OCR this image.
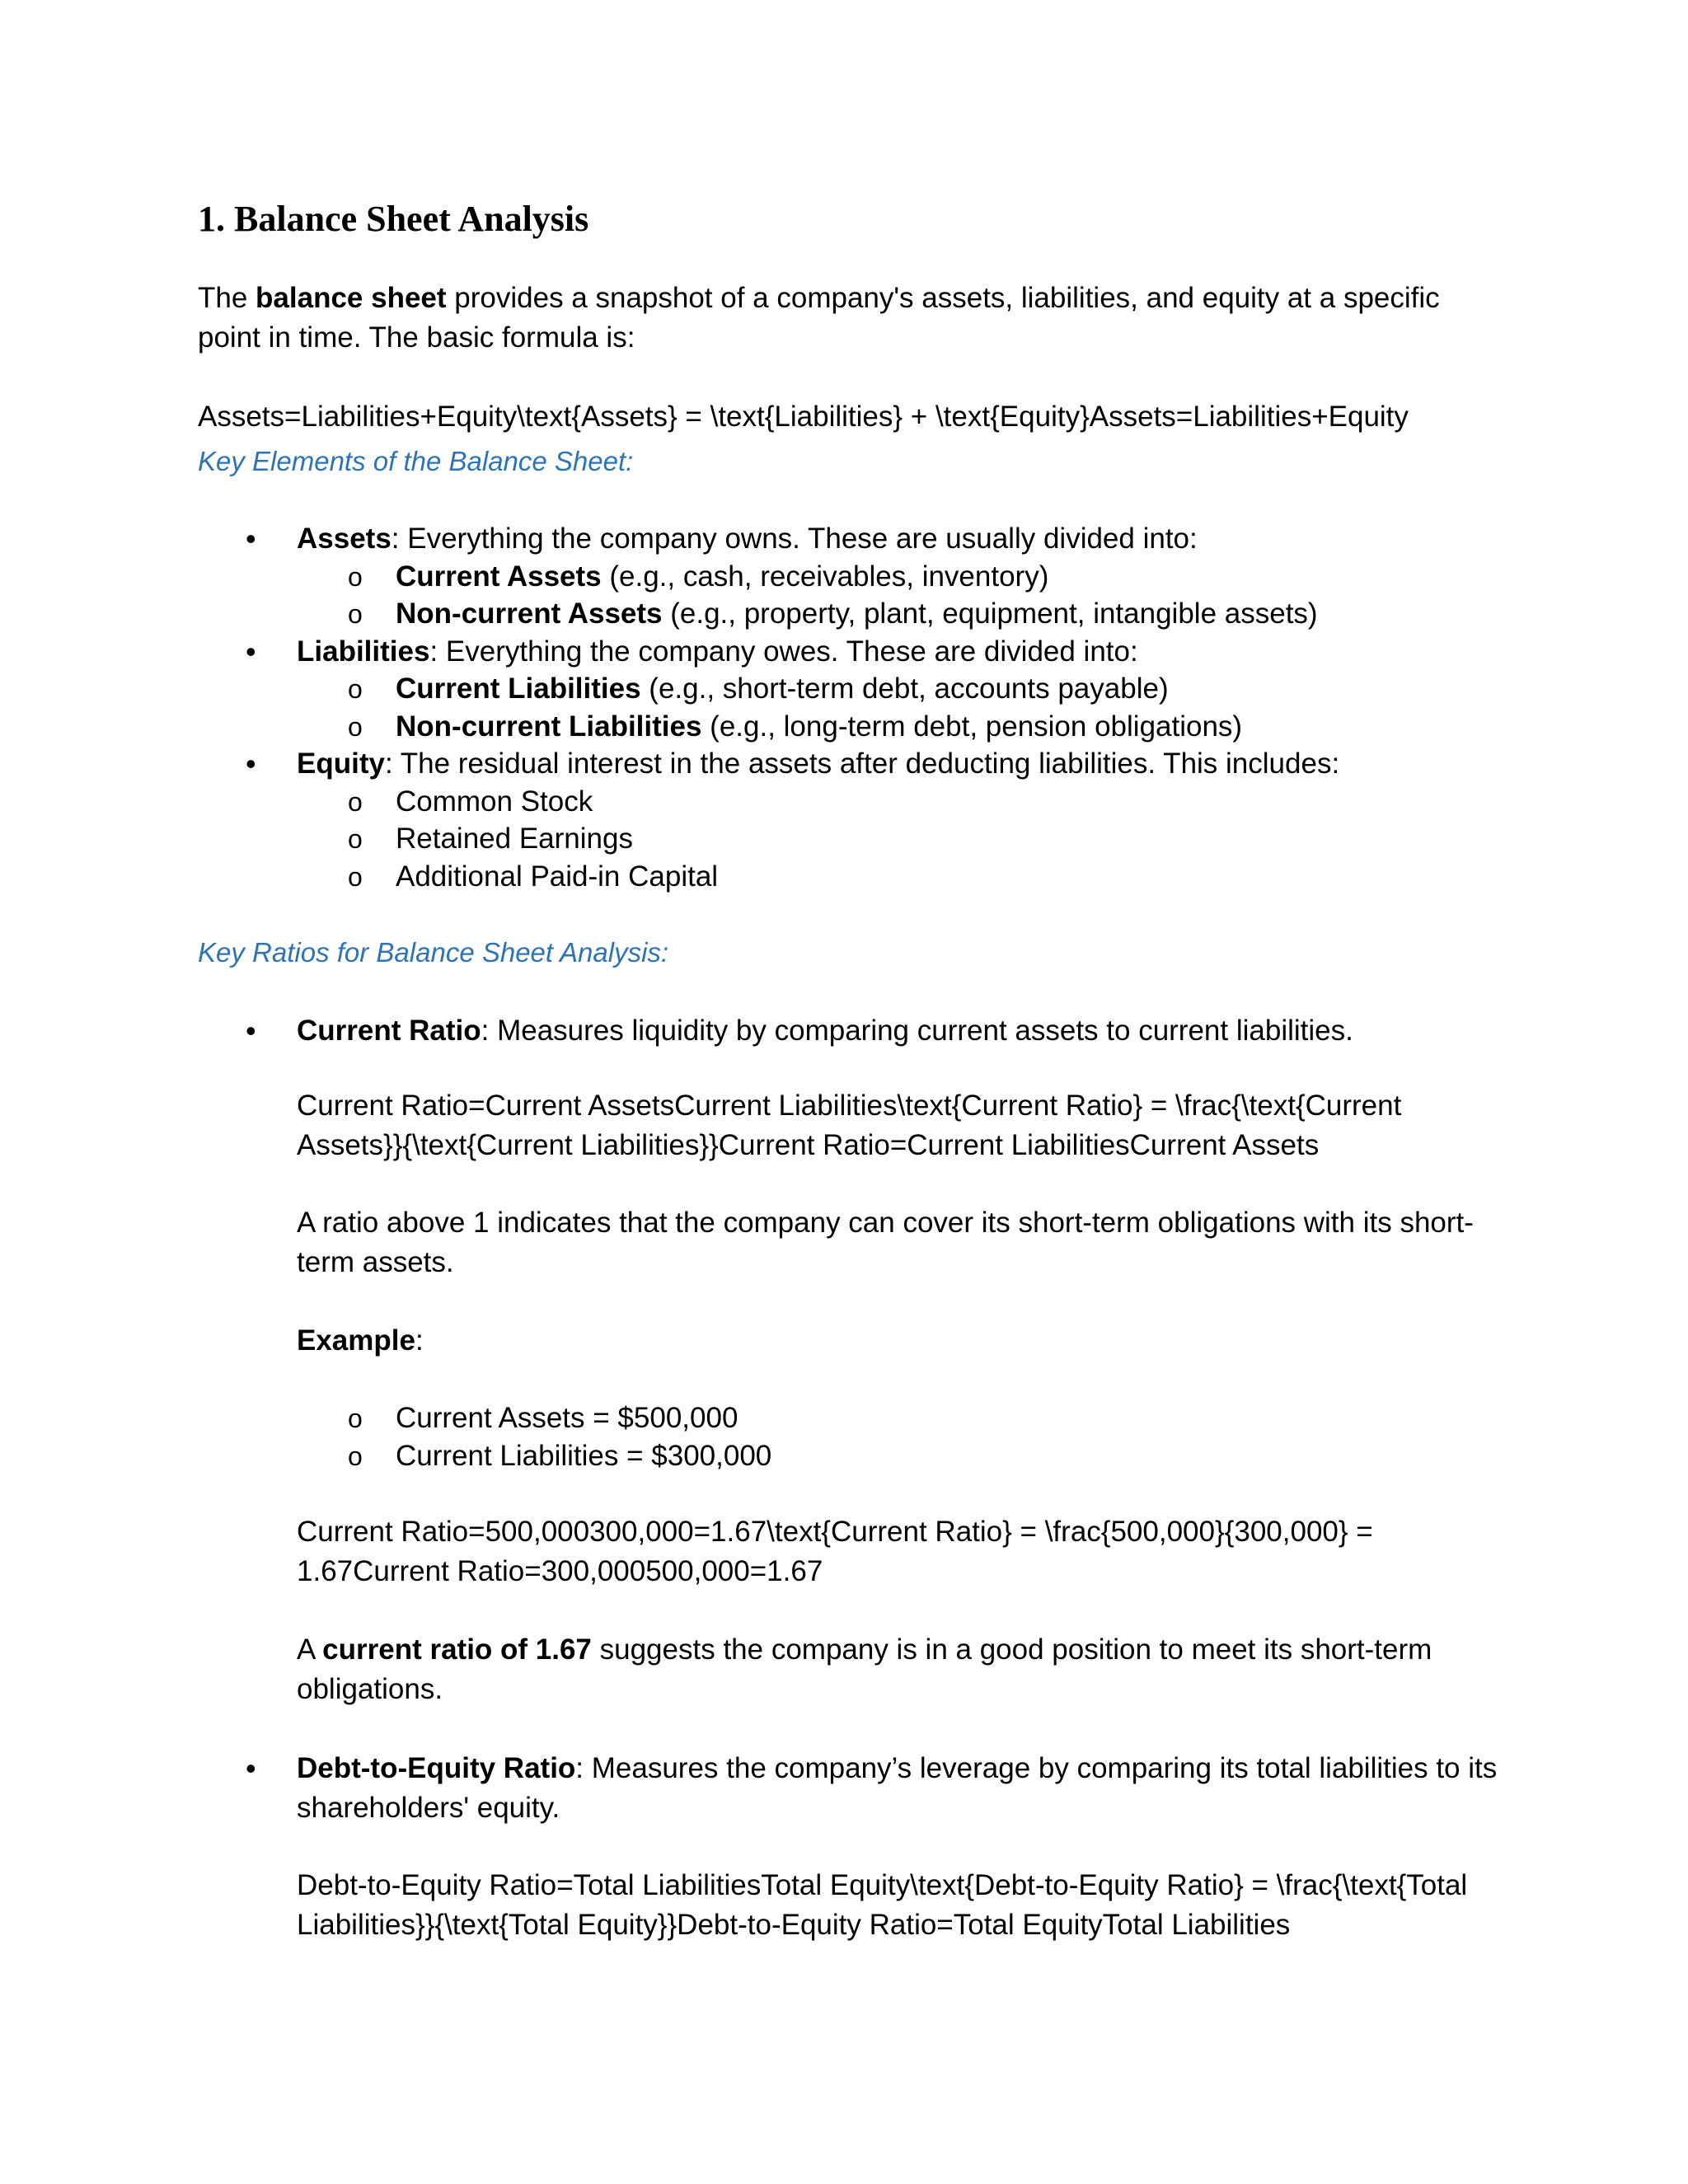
1. Balance Sheet Analysis

The balance sheet provides a snapshot of a company's assets, liabilities, and equity at a specific point in time. The basic formula is:

Assets=Liabilities+Equity\text{Assets} = \text{Liabilities} + \text{Equity}Assets=Liabilities+Equity

Key Elements of the Balance Sheet:

• Assets: Everything the company owns. These are usually divided into:
o Current Assets (e.g., cash, receivables, inventory)
o Non-current Assets (e.g., property, plant, equipment, intangible assets)
• Liabilities: Everything the company owes. These are divided into:
o Current Liabilities (e.g., short-term debt, accounts payable)
o Non-current Liabilities (e.g., long-term debt, pension obligations)
• Equity: The residual interest in the assets after deducting liabilities. This includes:
o Common Stock
o Retained Earnings
o Additional Paid-in Capital

Key Ratios for Balance Sheet Analysis:

• Current Ratio: Measures liquidity by comparing current assets to current liabilities.

Current Ratio=Current AssetsCurrent Liabilities\text{Current Ratio} = \frac{\text{Current Assets}}{\text{Current Liabilities}}Current Ratio=Current LiabilitiesCurrent Assets

A ratio above 1 indicates that the company can cover its short-term obligations with its short-term assets.

Example:

o Current Assets = $500,000
o Current Liabilities = $300,000

Current Ratio=500,000300,000=1.67\text{Current Ratio} = \frac{500,000}{300,000} = 1.67Current Ratio=300,000500,000=1.67

A current ratio of 1.67 suggests the company is in a good position to meet its short-term obligations.

• Debt-to-Equity Ratio: Measures the company’s leverage by comparing its total liabilities to its shareholders' equity.

Debt-to-Equity Ratio=Total LiabilitiesTotal Equity\text{Debt-to-Equity Ratio} = \frac{\text{Total Liabilities}}{\text{Total Equity}}Debt-to-Equity Ratio=Total EquityTotal Liabilities
